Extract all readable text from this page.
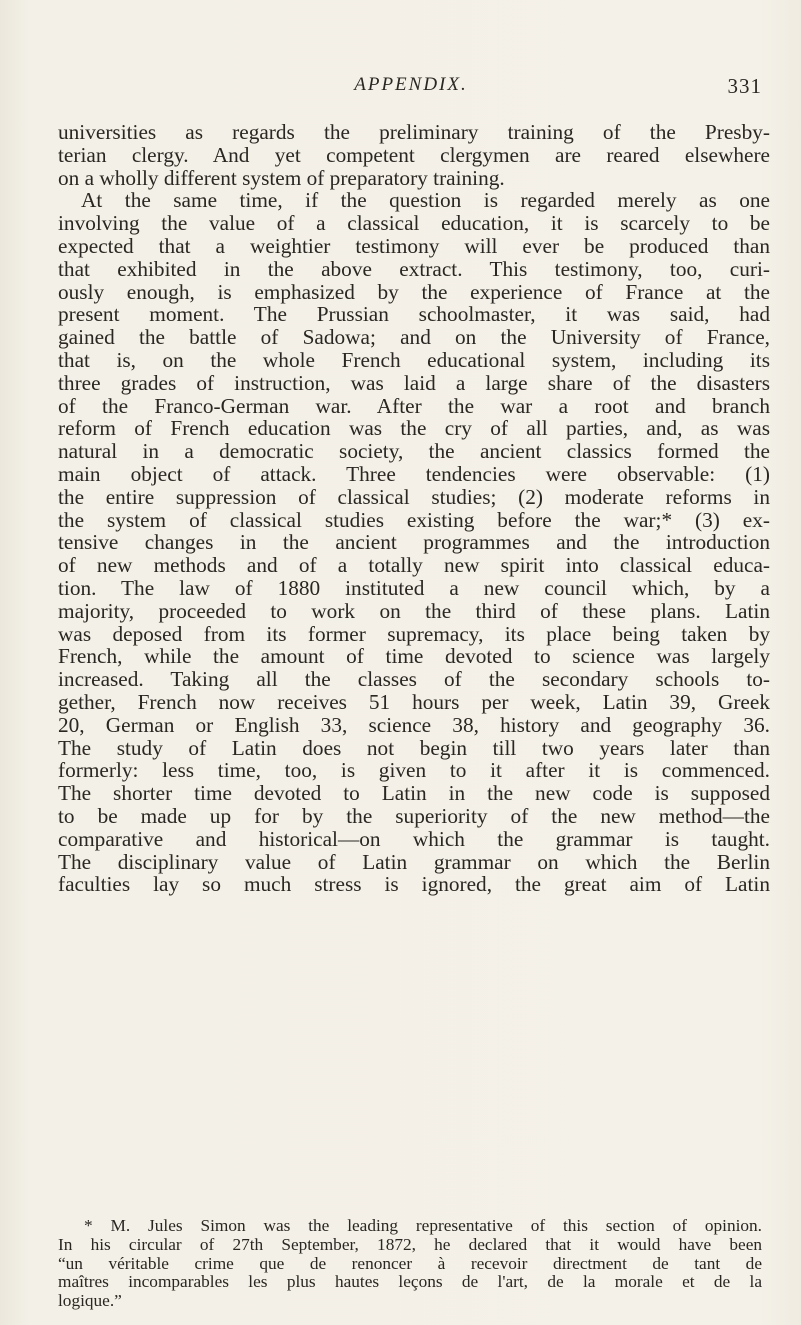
APPENDIX.	331
universities as regards the preliminary training of the Presby-
terian clergy. And yet competent clergymen are reared elsewhere
on a wholly different system of preparatory training.
At the same time, if the question is regarded merely as one
involving the value of a classical education, it is scarcely to be
expected that a weightier testimony will ever be produced than
that exhibited in the above extract. This testimony, too, curi-
ously enough, is emphasized by the experience of France at the
present moment. The Prussian schoolmaster, it was said, had
gained the battle of Sadowa; and on the University of France,
that is, on the whole French educational system, including its
three grades of instruction, was laid a large share of the disasters
of the Franco-German war. After the war a root and branch
reform of French education was the cry of all parties, and, as was
natural in a democratic society, the ancient classics formed the
main object of attack. Three tendencies were observable: (1)
the entire suppression of classical studies; (2) moderate reforms in
the system of classical studies existing before the war;* (3) ex-
tensive changes in the ancient programmes and the introduction
of new methods and of a totally new spirit into classical educa-
tion. The law of 1880 instituted a new council which, by a
majority, proceeded to work on the third of these plans. Latin
was deposed from its former supremacy, its place being taken by
French, while the amount of time devoted to science was largely
increased. Taking all the classes of the secondary schools to-
gether, French now receives 51 hours per week, Latin 39, Greek
20, German or English 33, science 38, history and geography 36.
The study of Latin does not begin till two years later than
formerly: less time, too, is given to it after it is commenced.
The shorter time devoted to Latin in the new code is supposed
to be made up for by the superiority of the new method—the
comparative and historical—on which the grammar is taught.
The disciplinary value of Latin grammar on which the Berlin
faculties lay so much stress is ignored, the great aim of Latin
* M. Jules Simon was the leading representative of this section of opinion.
In his circular of 27th September, 1872, he declared that it would have been
“un véritable crime que de renoncer à recevoir directment de tant de
maîtres incomparables les plus hautes leçons de l'art, de la morale et de la
logique.”
